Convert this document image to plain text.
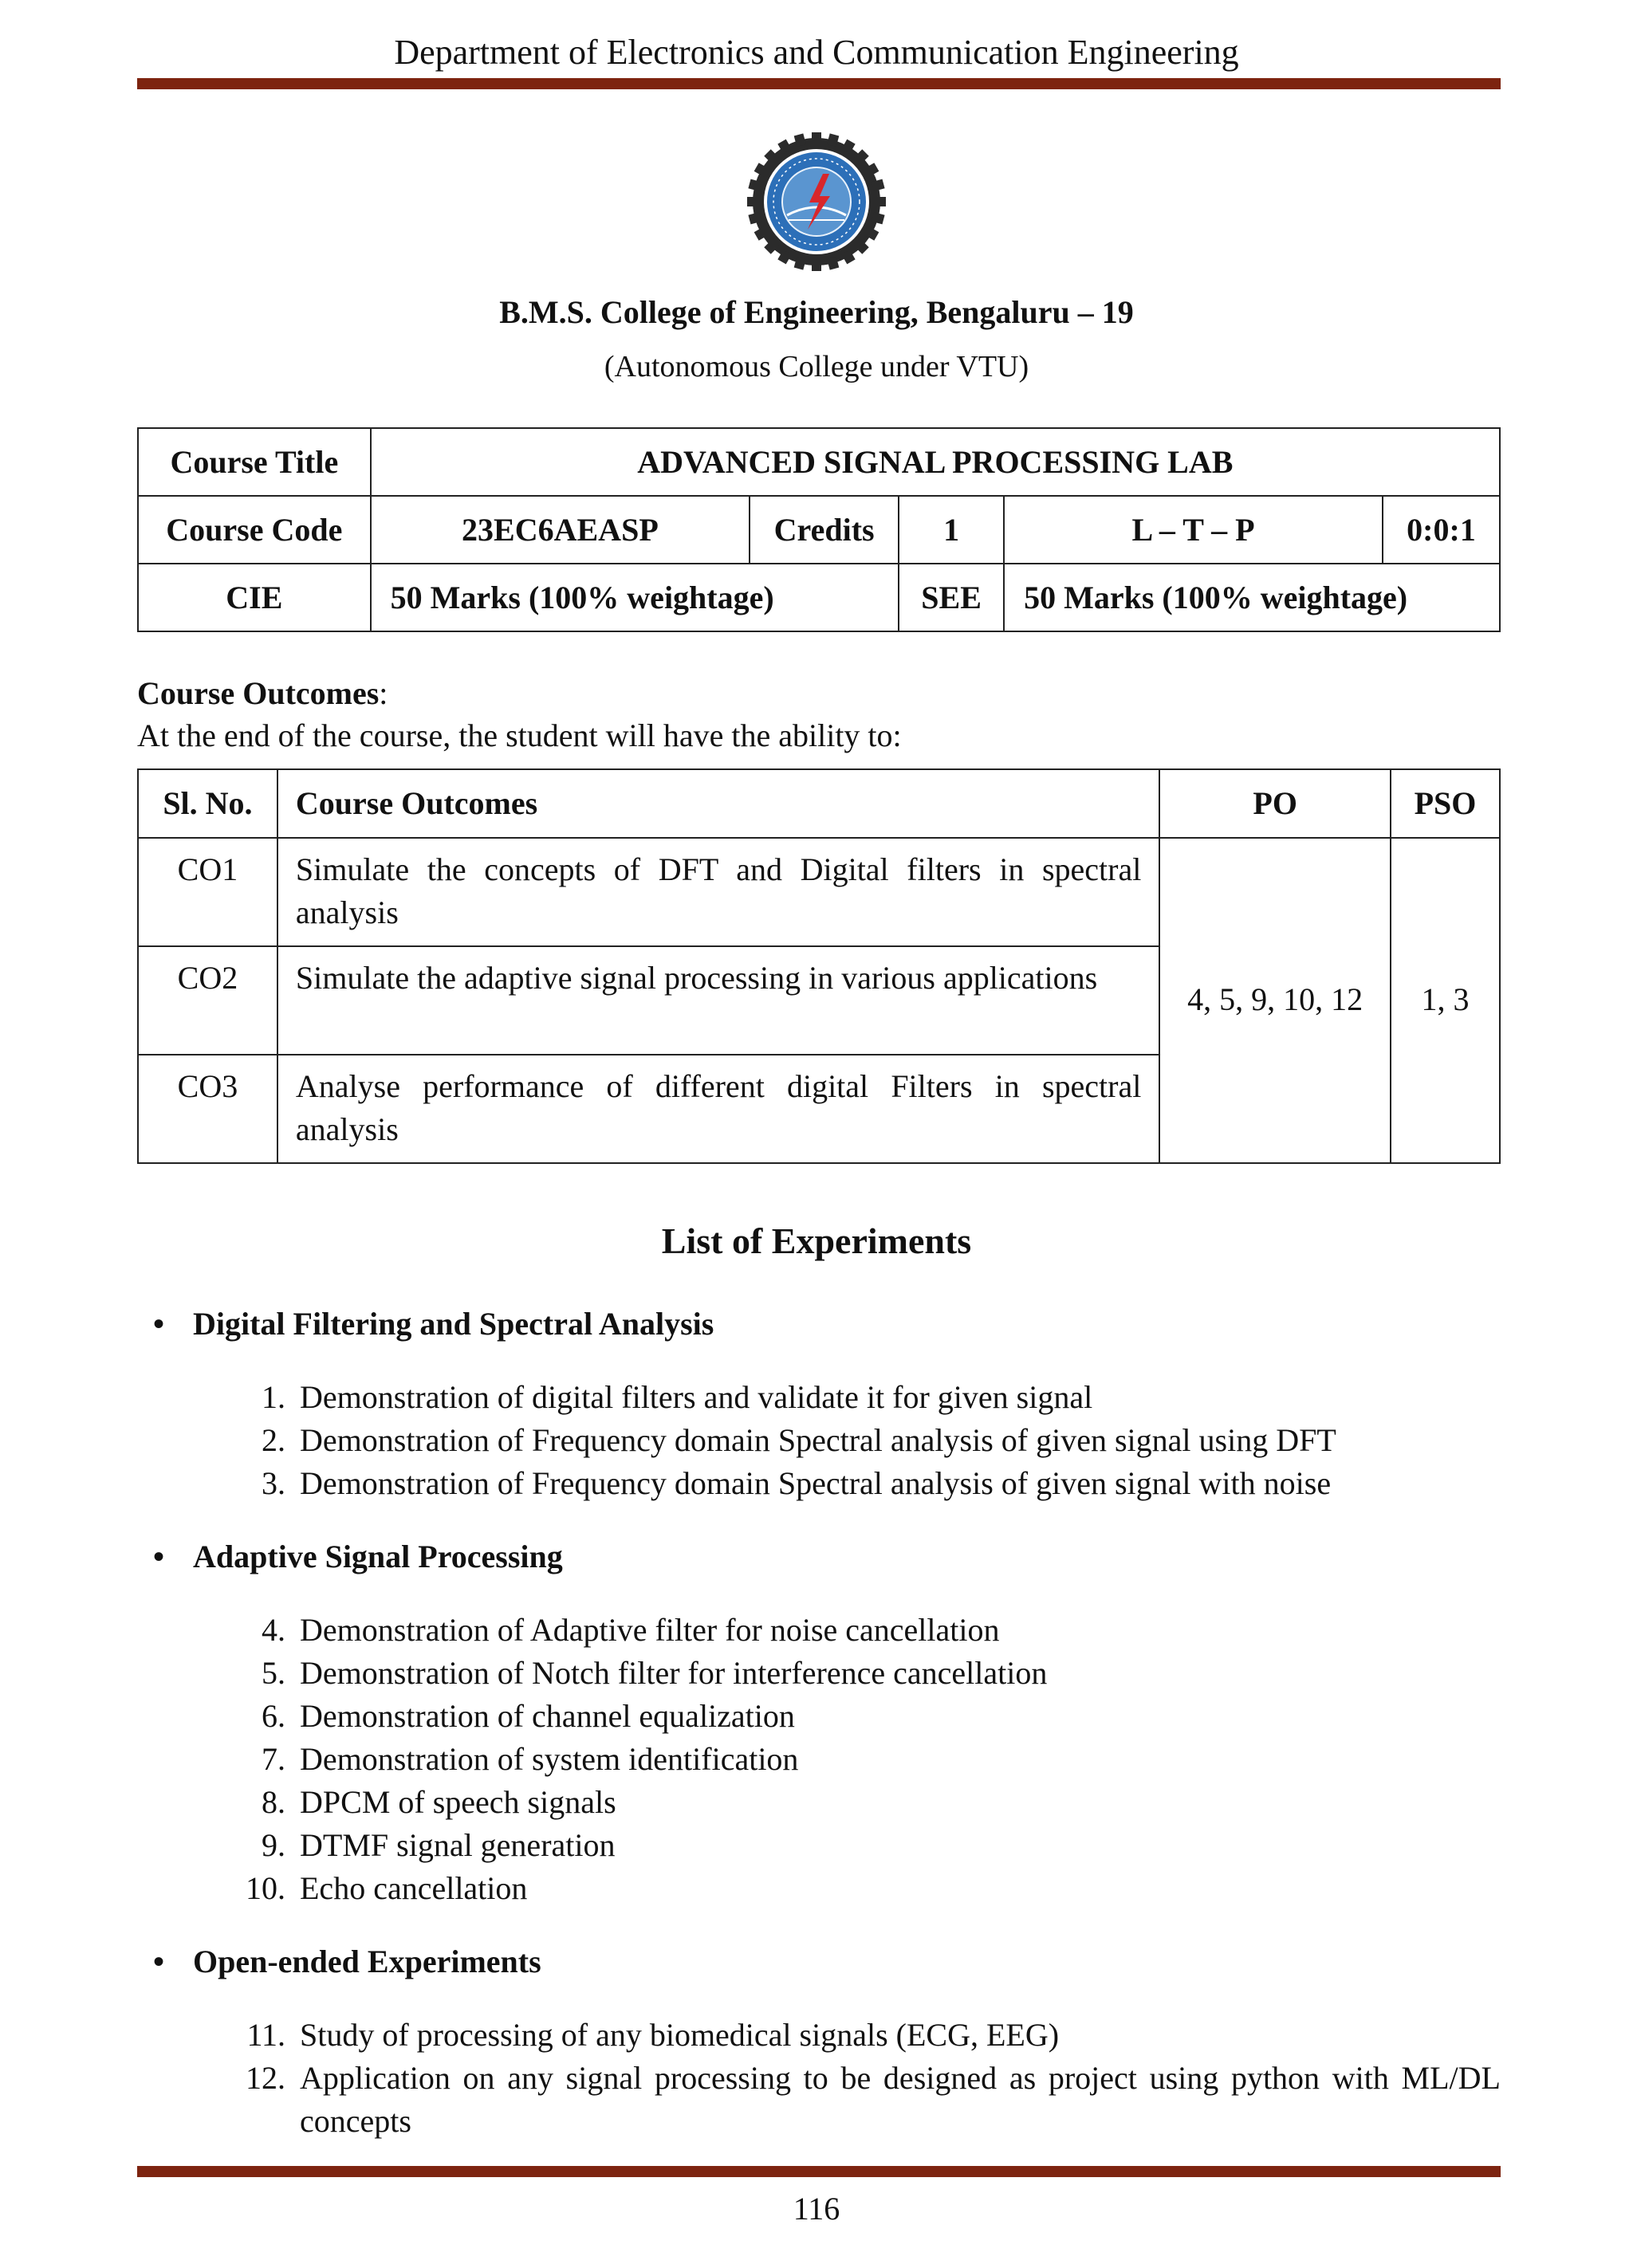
Department of Electronics and Communication Engineering
B.M.S. College of Engineering, Bengaluru – 19
(Autonomous College under VTU)
Course Title	ADVANCED SIGNAL PROCESSING LAB				
Course Code	23EC6AEASP	Credits	1	L – T – P	0:0:1
CIE	50 Marks (100% weightage)		SEE	50 Marks (100% weightage)	
Course Outcomes:
At the end of the course, the student will have the ability to:
Sl. No.	Course Outcomes	PO	PSO
CO1	Simulate the concepts of DFT and Digital filters in spectral analysis	4, 5, 9, 10, 12	1, 3
CO2	Simulate the adaptive signal processing in various applications		
CO3	Analyse performance of different digital Filters in spectral analysis		
List of Experiments
• Digital Filtering and Spectral Analysis
1. Demonstration of digital filters and validate it for given signal
2. Demonstration of Frequency domain Spectral analysis of given signal using DFT
3. Demonstration of Frequency domain Spectral analysis of given signal with noise
• Adaptive Signal Processing
4. Demonstration of Adaptive filter for noise cancellation
5. Demonstration of Notch filter for interference cancellation
6. Demonstration of channel equalization
7. Demonstration of system identification
8. DPCM of speech signals
9. DTMF signal generation
10. Echo cancellation
• Open-ended Experiments
11. Study of processing of any biomedical signals (ECG, EEG)
12. Application on any signal processing to be designed as project using python with ML/DL concepts
116
